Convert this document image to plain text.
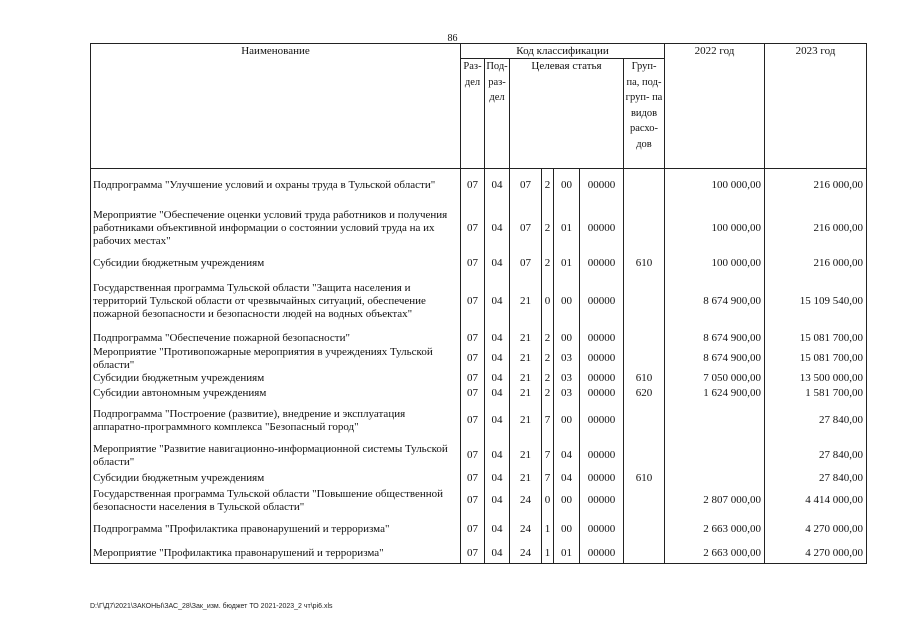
86
Наименование	Код классификации							2022 год	2023 год
	Раз- дел	Под- раз- дел	Целевая статья				Груп- па, под- груп- па видов расхо- дов		
Подпрограмма "Улучшение условий и охраны труда в Тульской области"	07	04	07	2	00	00000		100 000,00	216 000,00
Мероприятие "Обеспечение оценки условий труда работников и получения работниками объективной информации о состоянии условий труда на их рабочих местах"	07	04	07	2	01	00000		100 000,00	216 000,00
Субсидии бюджетным учреждениям	07	04	07	2	01	00000	610	100 000,00	216 000,00
Государственная программа Тульской области "Защита населения и территорий Тульской области от чрезвычайных ситуаций, обеспечение пожарной безопасности и безопасности людей на водных объектах"	07	04	21	0	00	00000		8 674 900,00	15 109 540,00
Подпрограмма "Обеспечение пожарной безопасности"	07	04	21	2	00	00000		8 674 900,00	15 081 700,00
Мероприятие "Противопожарные мероприятия в учреждениях Тульской области"	07	04	21	2	03	00000		8 674 900,00	15 081 700,00
Субсидии бюджетным учреждениям	07	04	21	2	03	00000	610	7 050 000,00	13 500 000,00
Субсидии автономным учреждениям	07	04	21	2	03	00000	620	1 624 900,00	1 581 700,00
Подпрограмма "Построение (развитие), внедрение и эксплуатация аппаратно-программного комплекса "Безопасный город"	07	04	21	7	00	00000			27 840,00
Мероприятие "Развитие навигационно-информационной системы Тульской области"	07	04	21	7	04	00000			27 840,00
Субсидии бюджетным учреждениям	07	04	21	7	04	00000	610		27 840,00
Государственная программа Тульской области "Повышение общественной безопасности населения в Тульской области"	07	04	24	0	00	00000		2 807 000,00	4 414 000,00
Подпрограмма "Профилактика правонарушений и терроризма"	07	04	24	1	00	00000		2 663 000,00	4 270 000,00
Мероприятие "Профилактика правонарушений и терроризма"	07	04	24	1	01	00000		2 663 000,00	4 270 000,00
D:\Г\Д7\2021\ЗАКОНЫ\ЗАС_28\Зак_изм. бюджет ТО 2021-2023_2 чт\рі6.xls
